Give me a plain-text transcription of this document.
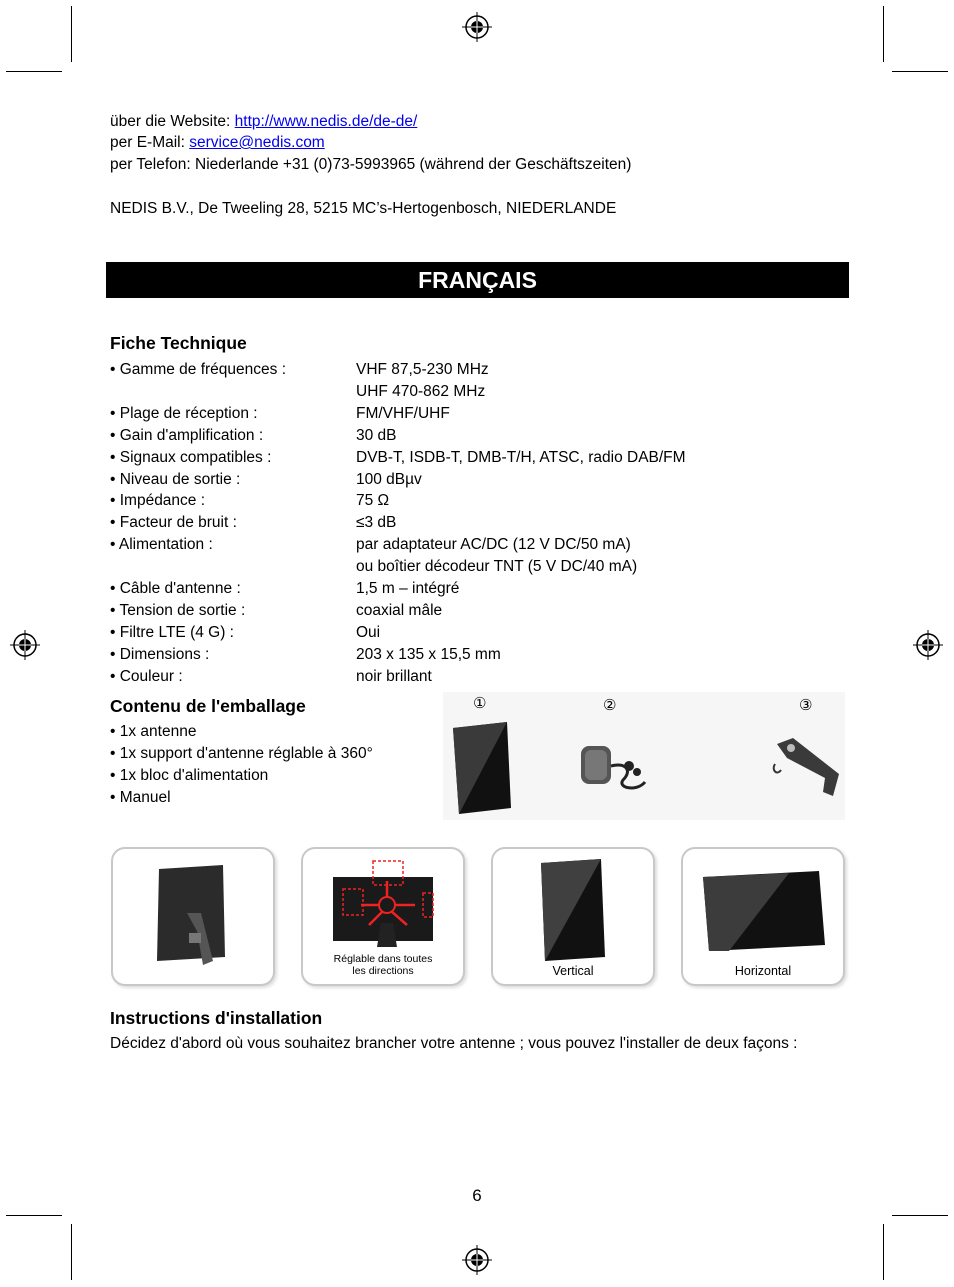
über die Website: http://www.nedis.de/de-de/
per E-Mail: service@nedis.com
per Telefon: Niederlande +31 (0)73-5993965 (während der Geschäftszeiten)
NEDIS B.V., De Tweeling 28, 5215 MC’s-Hertogenbosch, NIEDERLANDE
FRANÇAIS
Fiche Technique
• Gamme de fréquences :	VHF 87,5-230 MHz
UHF 470-862 MHz
• Plage de réception :	FM/VHF/UHF
• Gain d'amplification :	30 dB
• Signaux compatibles :	DVB-T, ISDB-T, DMB-T/H, ATSC, radio DAB/FM
• Niveau de sortie :	100 dBµv
• Impédance :	75 Ω
• Facteur de bruit :	≤3 dB
• Alimentation :	par adaptateur AC/DC (12 V DC/50 mA)
ou boîtier décodeur TNT (5 V DC/40 mA)
• Câble d'antenne :	1,5 m – intégré
• Tension de sortie :	coaxial mâle
• Filtre LTE (4 G) :	Oui
• Dimensions :	203 x 135 x 15,5 mm
• Couleur :	noir brillant
Contenu de l'emballage
• 1x antenne
• 1x support d'antenne réglable à 360°
• 1x bloc d'alimentation
• Manuel
①	②	③
Réglable dans toutes
les directions	Vertical	Horizontal
Instructions d'installation
Décidez d'abord où vous souhaitez brancher votre antenne ; vous pouvez l'installer de deux façons :
6
